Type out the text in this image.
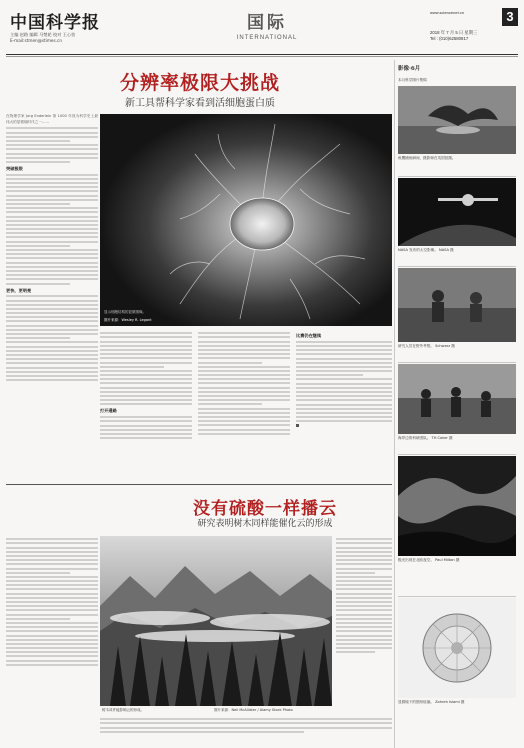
中国科学报
主编 赵路 编辑 马楚轮 校对 王心怡
E-mail:stmen@stimes.cn
国际
INTERNATIONAL
www.sciencenet.cn
2018 年 7 月 5 日 星期三
Tel : (010)62580817
3
分辨率极限大挑战
新工具帮科学家看到活细胞蛋白质
在物理学家 Jorg Enderlein 第 1000 年视为科学史上最伟大的显微镜时代之一……
突破极限
更快、更明亮
显示细胞结构的显微图像。
图片来源：Wesley R. Legant
打开通路
比赛仍在继续
没有硫酸一样播云
研究表明树木同样能催化云的形成
树木或许能影响云的形成。	图片来源：Neil McAllister / Alamy Stock Photo
影像·6月
本月科学图片集锦
鱼鹰捕鱼瞬间，摄影师在英国拍摄。
NASA 发布的太空影像。 NASA 摄
研究人员在野外考察。 Schwarz 摄
海岸边的科研团队。 TH Coker 摄
极光出现在北欧夜空。 Paul Milton 摄
显微镜下的圆形硅藻。 Zohreh Islami 摄
